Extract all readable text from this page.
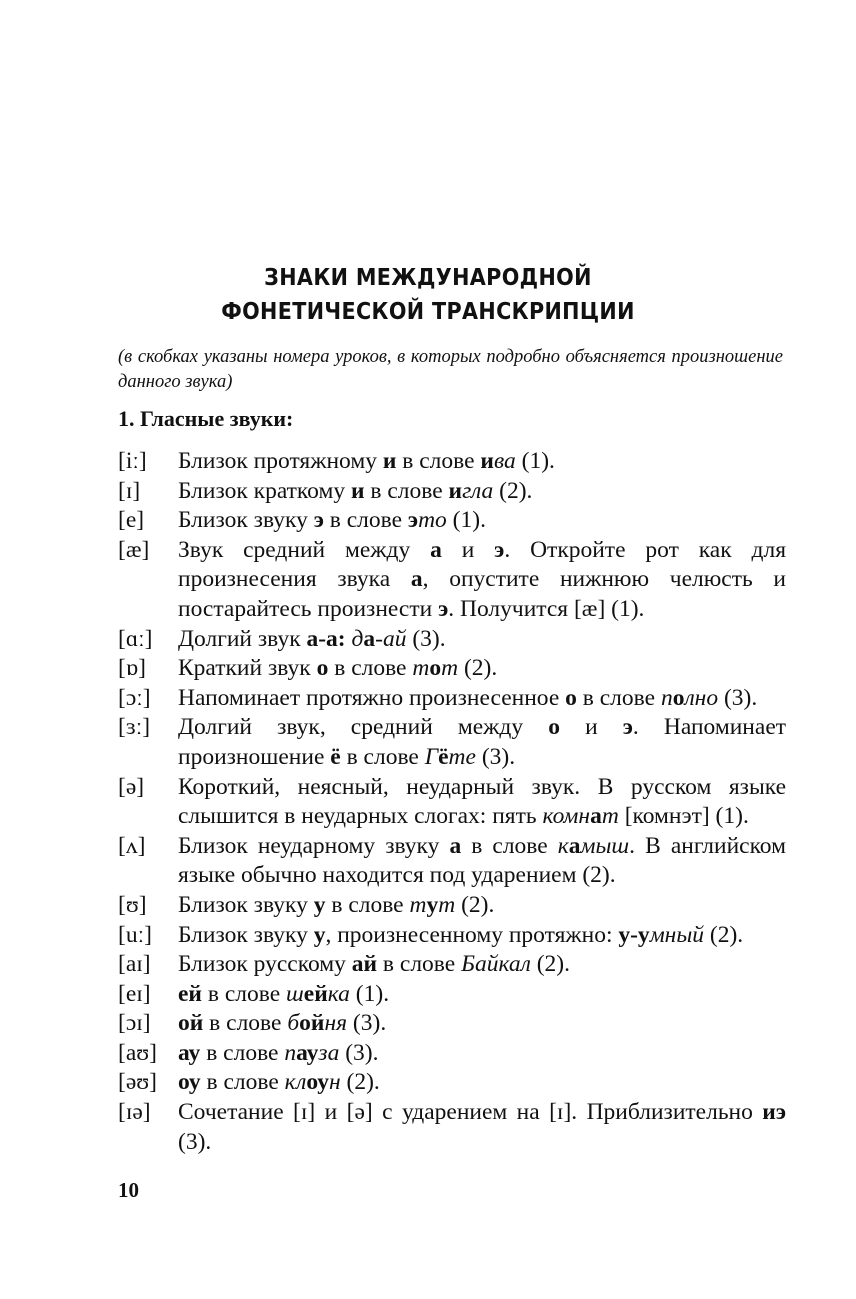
ЗНАКИ МЕЖДУНАРОДНОЙ
ФОНЕТИЧЕСКОЙ ТРАНСКРИПЦИИ
(в скобках указаны номера уроков, в которых подробно объясняется произношение данного звука)
1. Гласные звуки:
[iː]	Близок протяжному и в слове ива (1).
[ɪ]	Близок краткому и в слове игла (2).
[e]	Близок звуку э в слове это (1).
[æ]	Звук средний между а и э. Откройте рот как для произнесения звука а, опустите нижнюю челюсть и постарайтесь произнести э. Получится [æ] (1).
[ɑː]	Долгий звук а-а: да-ай (3).
[ɒ]	Краткий звук о в слове тот (2).
[ɔː]	Напоминает протяжно произнесенное о в слове полно (3).
[ɜː]	Долгий звук, средний между о и э. Напоминает произношение ё в слове Гёте (3).
[ə]	Короткий, неясный, неударный звук. В русском языке слышится в неударных слогах: пять комнат [комнэт] (1).
[ʌ]	Близок неударному звуку а в слове камыш. В английском языке обычно находится под ударением (2).
[ʊ]	Близок звуку у в слове тут (2).
[uː]	Близок звуку у, произнесенному протяжно: у-умный (2).
[aɪ]	Близок русскому ай в слове Байкал (2).
[eɪ]	ей в слове шейка (1).
[ɔɪ]	ой в слове бойня (3).
[aʊ] ау в слове пауза (3).
[əʊ] оу в слове клоун (2).
[ɪə]	Сочетание [ɪ] и [ə] с ударением на [ɪ]. Приблизительно иэ (3).
10
